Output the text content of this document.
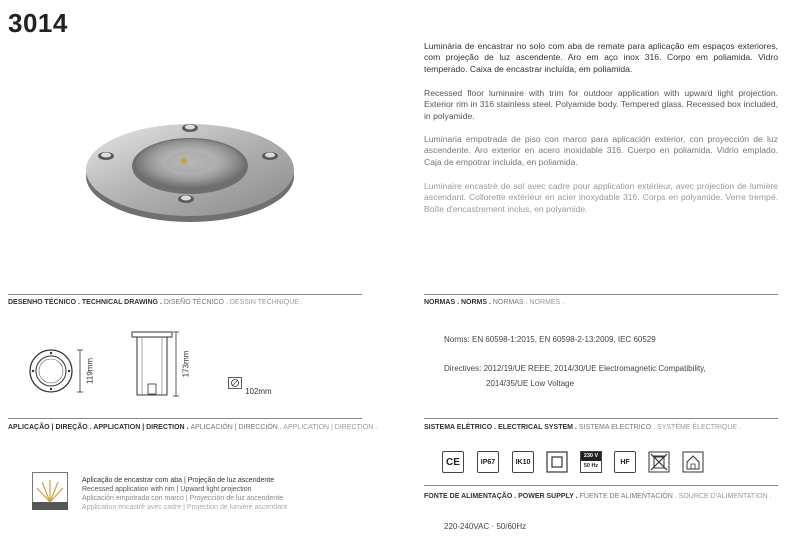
3014

Luminária de encastrar no solo com aba de remate para aplicação em espaços exteriores, com projeção de luz ascendente. Aro em aço inox 316. Corpo em poliamida. Vidro temperado. Caixa de encastrar incluída, em poliamida.

Recessed floor luminaire with trim for outdoor application with upward light projection. Exterior rim in 316 stainless steel. Polyamide body. Tempered glass. Recessed box included, in polyamide.

Luminaria empotrada de piso con marco para aplicación exterior, con proyección de luz ascendente. Aro exterior en acero inoxidable 316. Cuerpo en poliamida. Vidrio emplado. Caja de empotrar incluida, en poliamida.

Luminaire encastré de sol avec cadre pour application extérieur, avec projection de lumière ascendant. Collorette extérieur en acier inoxydable 316. Corps en polyamide. Verre trempé. Boîte d'encastrement inclus, en polyamide.

DESENHO TÉCNICO . TECHNICAL DRAWING . DISEÑO TÉCNICO . DESSIN TECHNIQUE .	NORMAS . NORMS . NORMAS . NORMES .
APLICAÇÃO | DIREÇÃO . APPLICATION | DIRECTION . APLICACIÓN | DIRECCIÓN . APPLICATION | DIRECTION .	SISTEMA ELÉTRICO . ELECTRICAL SYSTEM . SISTEMA ELECTRICO . SYSTÈME ÉLECTRIQUE .
FONTE DE ALIMENTAÇÃO . POWER SUPPLY . FUENTE DE ALIMENTACIÓN . SOURCE D'ALIMENTATION .
119mm	173mm
102mm
Norms: EN 60598-1:2015, EN 60598-2-13:2009, IEC 60529
Directives: 2012/19/UE REEE, 2014/30/UE Electromagnetic Compatibility,
2014/35/UE Low Voltage
Aplicação de encastrar com aba | Projeção de luz ascendente
Recessed application with rim | Upward light projection
Aplicación empotrada con marco | Proyección de luz ascendente
Application encastré avec cadre | Projection de lumière ascendant
CE	IP67	IK10
230 V
50 Hz
HF
220-240VAC · 50/60Hz
